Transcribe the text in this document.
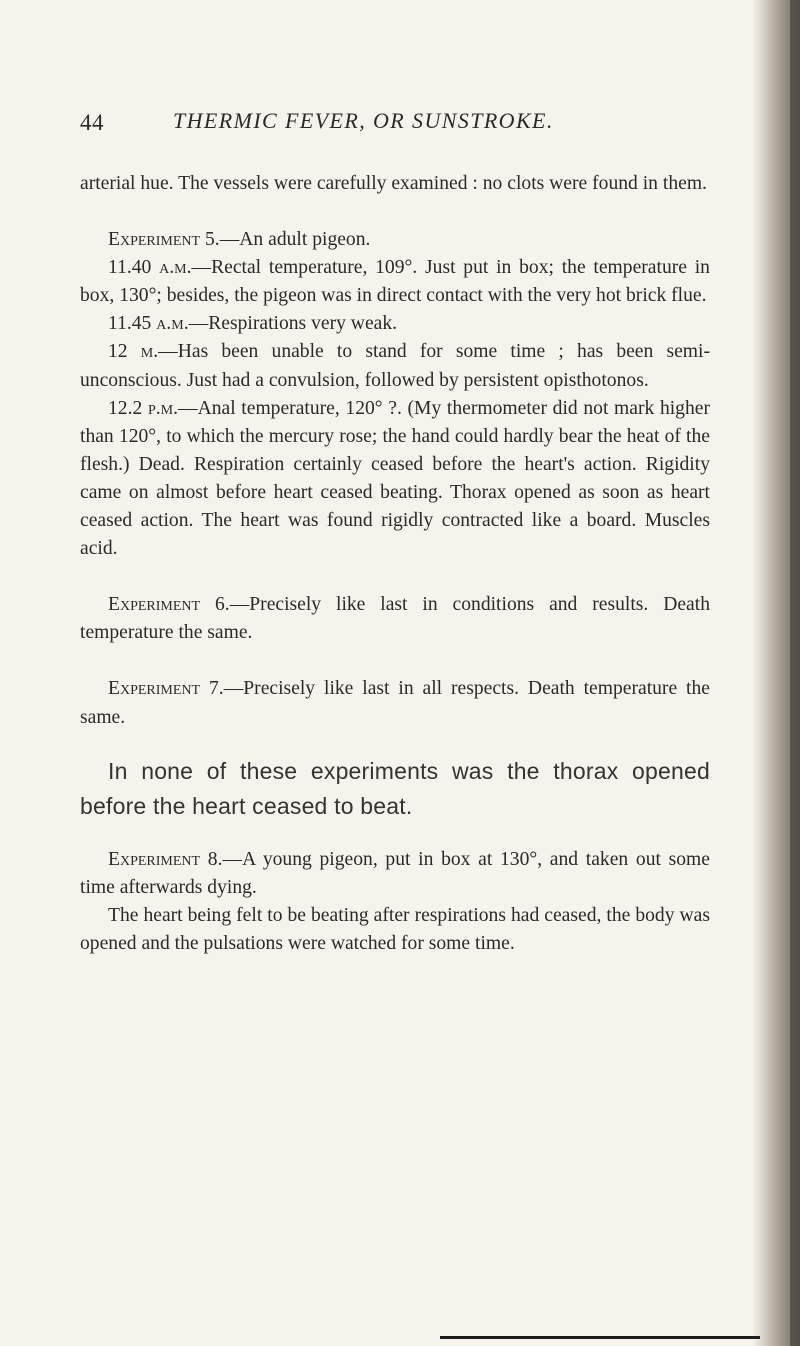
44	THERMIC FEVER, OR SUNSTROKE.

arterial hue. The vessels were carefully examined : no clots were found in them.

Experiment 5.—An adult pigeon.

11.40 a.m.—Rectal temperature, 109°. Just put in box; the temperature in box, 130°; besides, the pigeon was in direct contact with the very hot brick flue.

11.45 a.m.—Respirations very weak.

12 m.—Has been unable to stand for some time ; has been semi-unconscious. Just had a convulsion, followed by persistent opisthotonos.

12.2 p.m.—Anal temperature, 120° ?. (My thermometer did not mark higher than 120°, to which the mercury rose; the hand could hardly bear the heat of the flesh.) Dead. Respiration certainly ceased before the heart's action. Rigidity came on almost before heart ceased beating. Thorax opened as soon as heart ceased action. The heart was found rigidly contracted like a board. Muscles acid.

Experiment 6.—Precisely like last in conditions and results. Death temperature the same.

Experiment 7.—Precisely like last in all respects. Death temperature the same.

In none of these experiments was the thorax opened before the heart ceased to beat.

Experiment 8.—A young pigeon, put in box at 130°, and taken out some time afterwards dying.

The heart being felt to be beating after respirations had ceased, the body was opened and the pulsations were watched for some time.
